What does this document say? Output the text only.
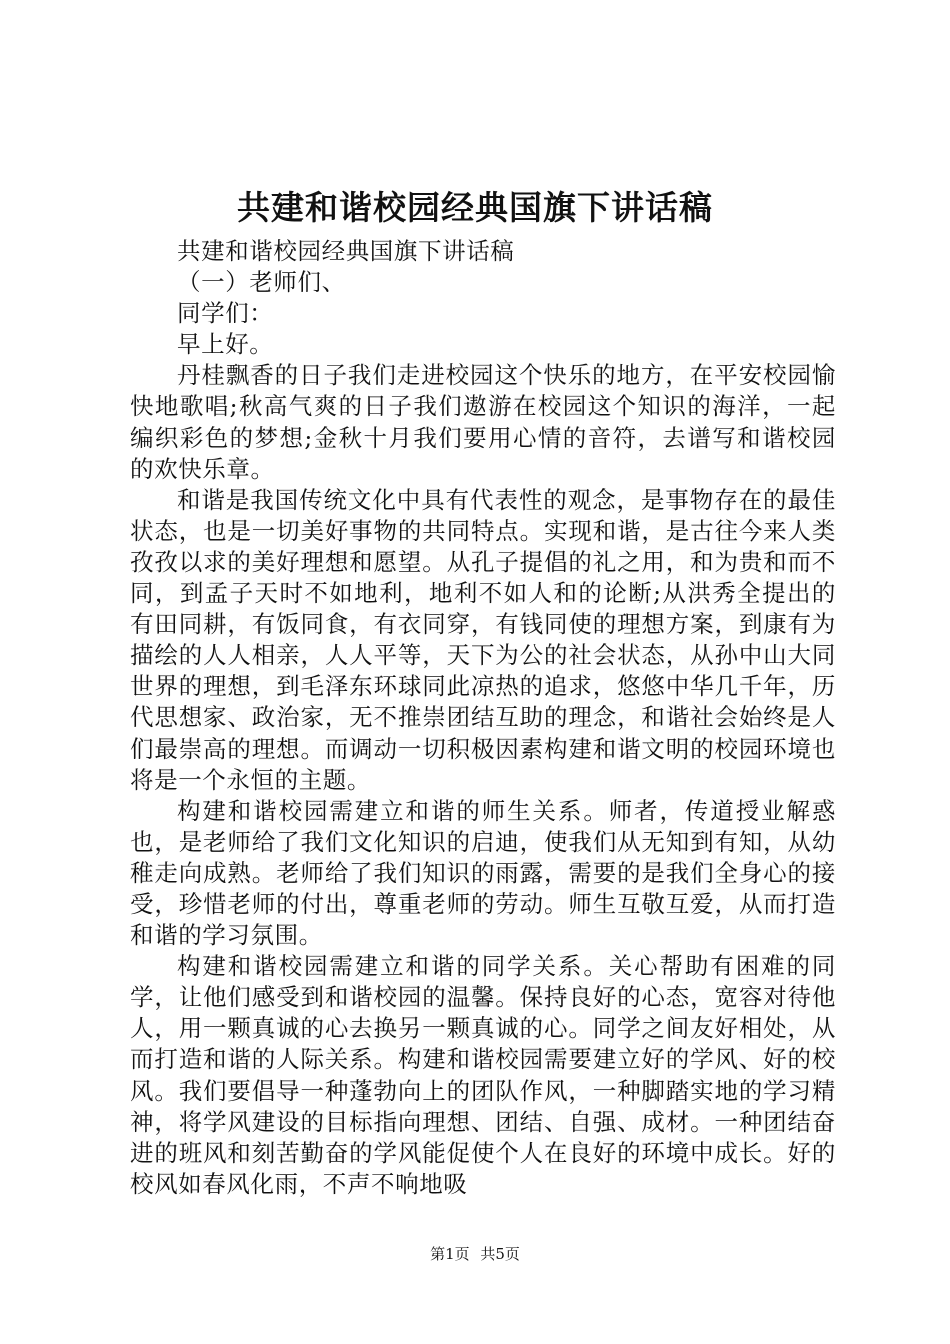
共建和谐校园经典国旗下讲话稿

共建和谐校园经典国旗下讲话稿

（一）老师们、

同学们：

早上好。

丹桂飘香的日子我们走进校园这个快乐的地方，在平安校园愉快地歌唱;秋高气爽的日子我们遨游在校园这个知识的海洋，一起编织彩色的梦想;金秋十月我们要用心情的音符，去谱写和谐校园的欢快乐章。

和谐是我国传统文化中具有代表性的观念，是事物存在的最佳状态，也是一切美好事物的共同特点。实现和谐，是古往今来人类孜孜以求的美好理想和愿望。从孔子提倡的礼之用，和为贵和而不同，到孟子天时不如地利，地利不如人和的论断;从洪秀全提出的有田同耕，有饭同食，有衣同穿，有钱同使的理想方案，到康有为描绘的人人相亲，人人平等，天下为公的社会状态，从孙中山大同世界的理想，到毛泽东环球同此凉热的追求，悠悠中华几千年，历代思想家、政治家，无不推崇团结互助的理念，和谐社会始终是人们最崇高的理想。而调动一切积极因素构建和谐文明的校园环境也将是一个永恒的主题。

构建和谐校园需建立和谐的师生关系。师者，传道授业解惑也，是老师给了我们文化知识的启迪，使我们从无知到有知，从幼稚走向成熟。老师给了我们知识的雨露，需要的是我们全身心的接受，珍惜老师的付出，尊重老师的劳动。师生互敬互爱，从而打造和谐的学习氛围。

构建和谐校园需建立和谐的同学关系。关心帮助有困难的同学，让他们感受到和谐校园的温馨。保持良好的心态，宽容对待他人，用一颗真诚的心去换另一颗真诚的心。同学之间友好相处，从而打造和谐的人际关系。构建和谐校园需要建立好的学风、好的校风。我们要倡导一种蓬勃向上的团队作风，一种脚踏实地的学习精神，将学风建设的目标指向理想、团结、自强、成材。一种团结奋进的班风和刻苦勤奋的学风能促使个人在良好的环境中成长。好的校风如春风化雨，不声不响地吸

第1页 共5页
